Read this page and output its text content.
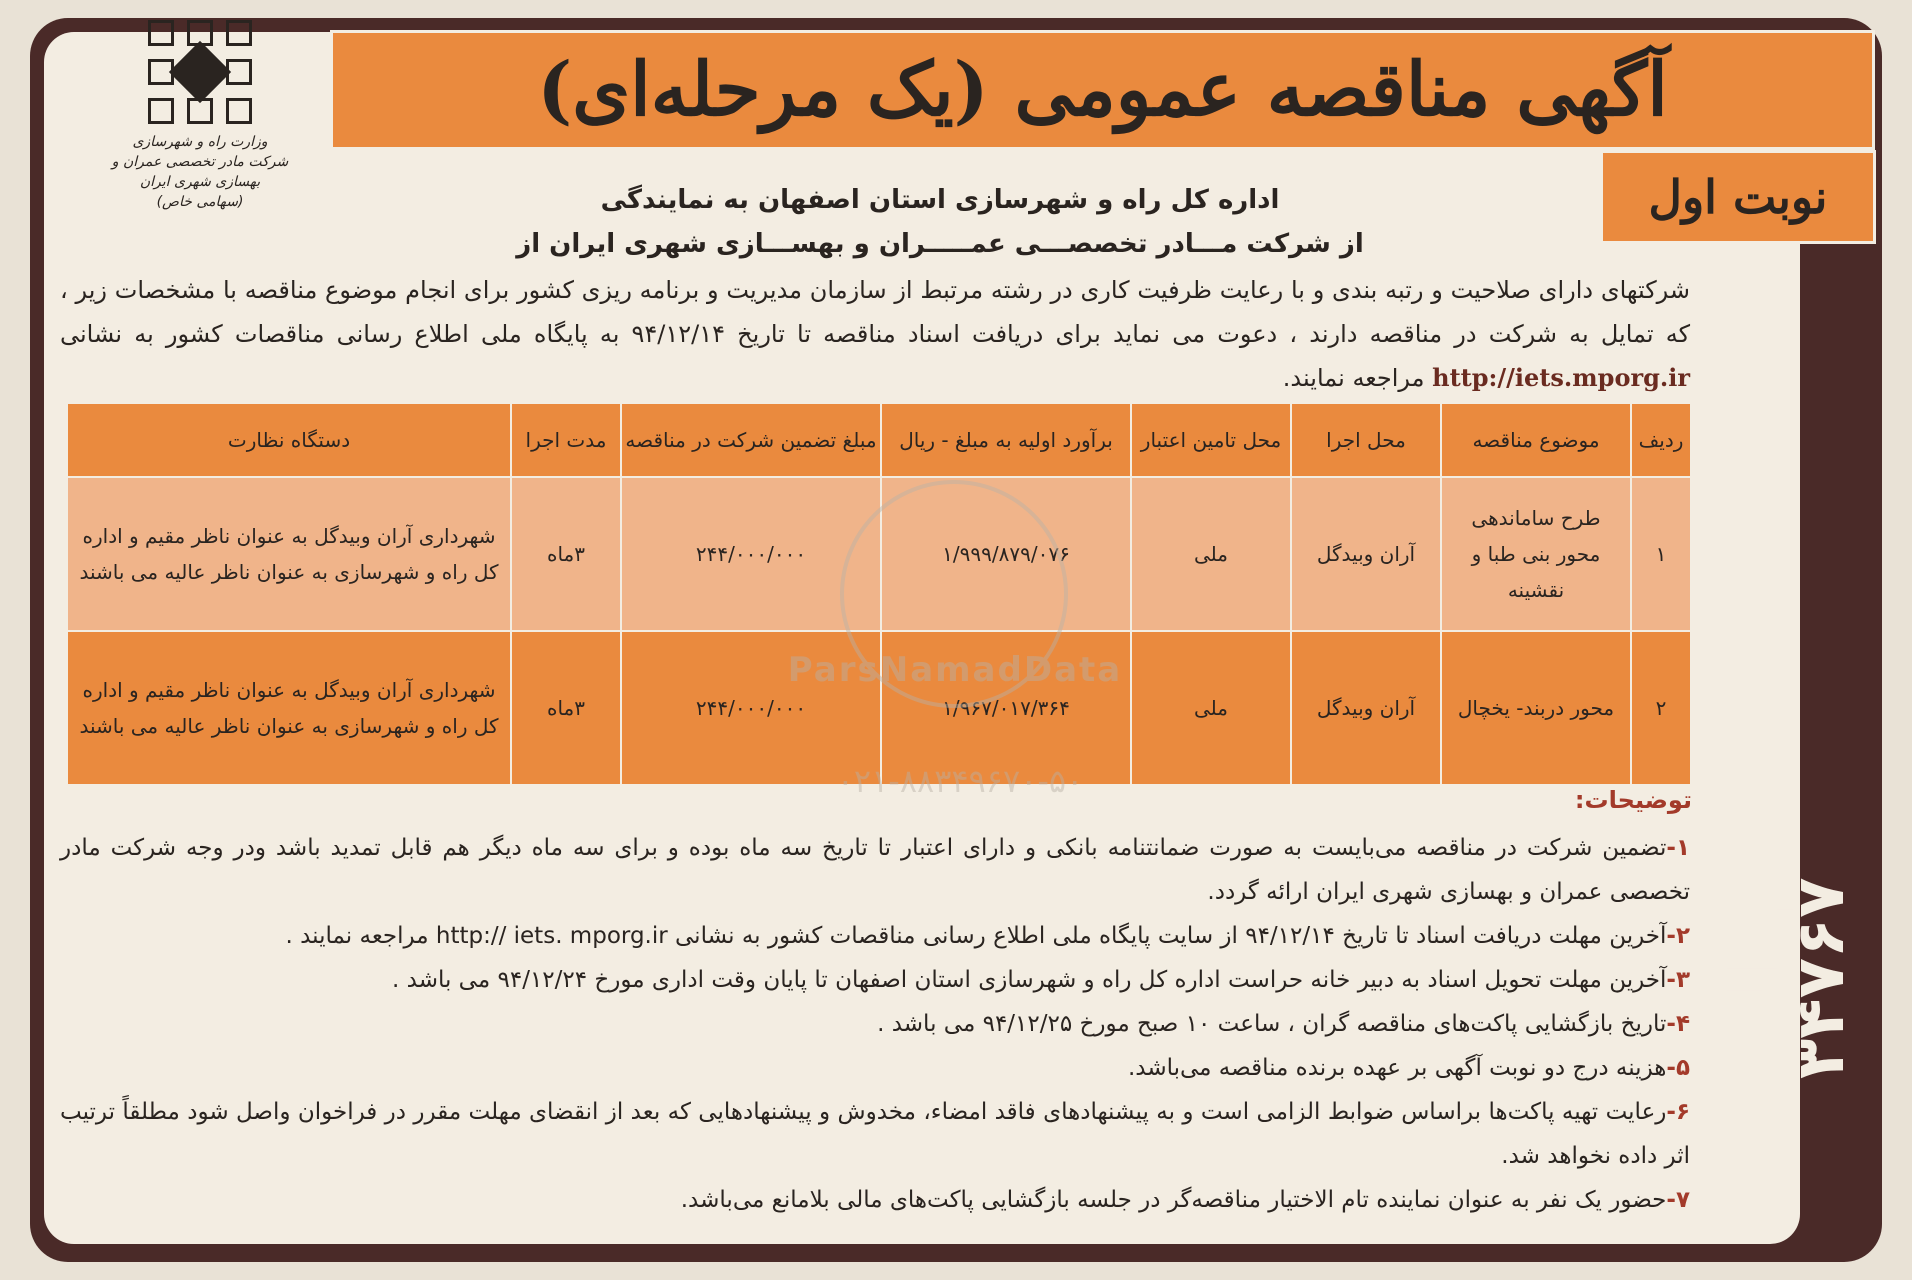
م.الف ۳۴۷۶۷
وزارت راه و شهرسازی
شرکت مادر تخصصی عمران و بهسازی شهری ایران
(سهامی خاص)
آگهی مناقصه عمومی (یک مرحله‌ای)
نوبت اول
اداره کل راه و شهرسازی استان اصفهان به نمایندگی
از شرکت مـــادر تخصصـــی عمـــــران و بهســـازی شهری ایران از
شرکتهای دارای صلاحیت و رتبه بندی و با رعایت ظرفیت کاری در رشته مرتبط از سازمان مدیریت و برنامه ریزی کشور برای انجام موضوع مناقصه با مشخصات زیر ، که تمایل به شرکت در مناقصه دارند ، دعوت می نماید برای دریافت اسناد مناقصه تا تاریخ ۹۴/۱۲/۱۴ به پایگاه ملی اطلاع رسانی مناقصات کشور به نشانی http://iets.mporg.ir مراجعه نمایند.
ردیف	موضوع مناقصه	محل اجرا	محل تامین اعتبار	برآورد اولیه به مبلغ - ریال	مبلغ تضمین شرکت در مناقصه	مدت اجرا	دستگاه نظارت
۱	طرح ساماندهی محور بنی طبا و نقشینه	آران وبیدگل	ملی	۱/۹۹۹/۸۷۹/۰۷۶	۲۴۴/۰۰۰/۰۰۰	۳ماه	شهرداری آران وبیدگل به عنوان ناظر مقیم و اداره کل راه و شهرسازی به عنوان ناظر عالیه می باشند
۲	محور دربند- یخچال	آران وبیدگل	ملی	۱/۹۶۷/۰۱۷/۳۶۴	۲۴۴/۰۰۰/۰۰۰	۳ماه	شهرداری آران وبیدگل به عنوان ناظر مقیم و اداره کل راه و شهرسازی به عنوان ناظر عالیه می باشند
ParsNamadData
۰۲۱-۸۸۳۴۹۶۷۰-۵۰	توضیحات:

۱-تضمین شرکت در مناقصه می‌بایست به صورت ضمانتنامه بانکی و دارای اعتبار تا تاریخ سه ماه بوده و برای سه ماه دیگر هم قابل تمدید باشد ودر وجه شرکت مادر تخصصی عمران و بهسازی شهری ایران ارائه گردد.

۲-آخرین مهلت دریافت اسناد تا تاریخ ۹۴/۱۲/۱۴ از سایت پایگاه ملی اطلاع رسانی مناقصات کشور به نشانی http:// iets. mporg.ir مراجعه نمایند .

۳-آخرین مهلت تحویل اسناد به دبیر خانه حراست اداره کل راه و شهرسازی استان اصفهان تا پایان وقت اداری مورخ ۹۴/۱۲/۲۴ می باشد .

۴-تاریخ بازگشایی پاکت‌های مناقصه گران ، ساعت ۱۰ صبح مورخ ۹۴/۱۲/۲۵ می باشد .

۵-هزینه درج دو نوبت آگهی بر عهده برنده مناقصه می‌باشد.

۶-رعایت تهیه پاکت‌ها براساس ضوابط الزامی است و به پیشنهادهای فاقد امضاء، مخدوش و پیشنهادهایی که بعد از انقضای مهلت مقرر در فراخوان واصل شود مطلقاً ترتیب اثر داده نخواهد شد.

۷-حضور یک نفر به عنوان نماینده تام الاختیار مناقصه‌گر در جلسه بازگشایی پاکت‌های مالی بلامانع می‌باشد.
